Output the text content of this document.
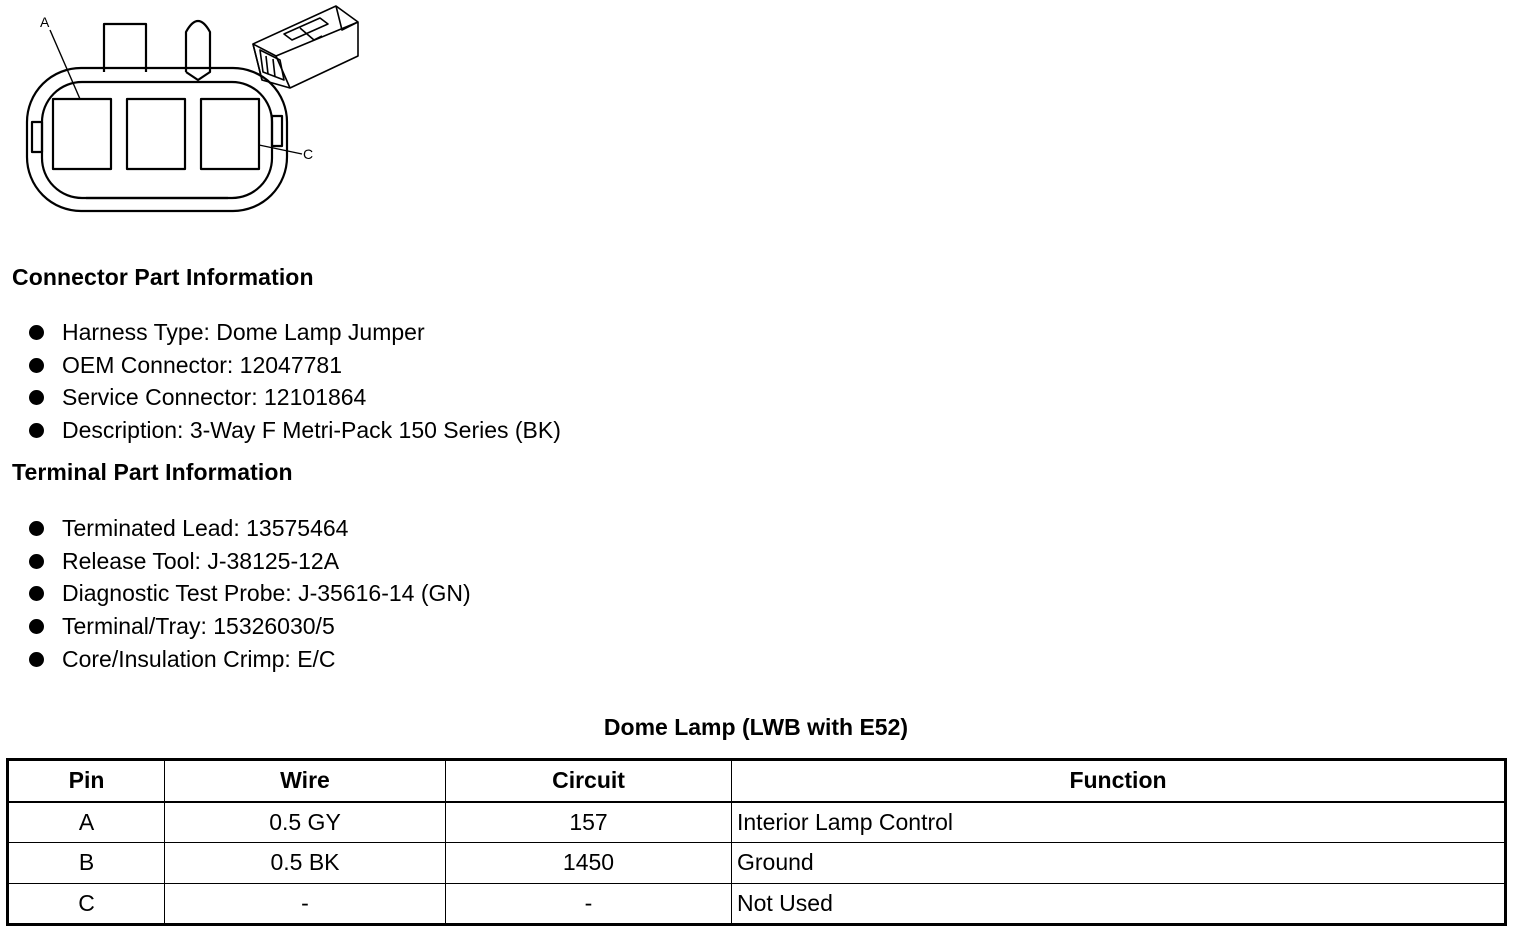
A
C
Connector Part Information
Harness Type: Dome Lamp Jumper
OEM Connector: 12047781
Service Connector: 12101864
Description: 3-Way F Metri-Pack 150 Series (BK)
Terminal Part Information
Terminated Lead: 13575464
Release Tool: J-38125-12A
Diagnostic Test Probe: J-35616-14 (GN)
Terminal/Tray: 15326030/5
Core/Insulation Crimp: E/C
Dome Lamp (LWB with E52)
Pin	Wire	Circuit	Function
A	0.5 GY	157	Interior Lamp Control
B	0.5 BK	1450	Ground
C	-	-	Not Used
